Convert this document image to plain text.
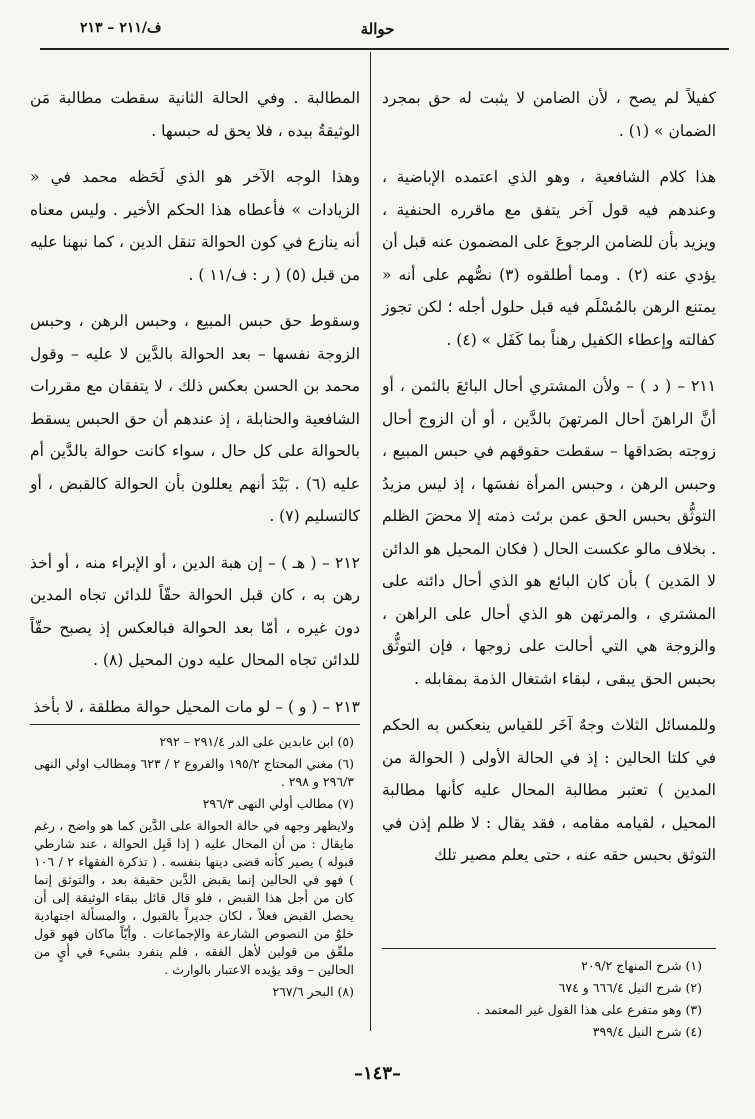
ف/٢١١ – ٢١٣	حوالة

كفيلاً لم يصح ، لأن الضامن لا يثبت له حق بمجرد الضمان » (١) .

هذا كلام الشافعية ، وهو الذي اعتمده الإباضية ، وعندهم فيه قول آخر يتفق مع ماقرره الحنفية ، ويزيد بأن للضامن الرجوعَ على المضمون عنه قبل أن يؤدي عنه (٢) . ومما أطلقوه (٣) نصُّهم على أنه « يمتنع الرهن بالمُسْلَم فيه قبل حلول أجله ؛ لكن تجوز كفالته وإعطاء الكفيل رهناً بما كَفَل » (٤) .

٢١١ – ( د ) – ولأن المشتري أحال البائعَ بالثمن ، أو أنَّ الراهنَ أحال المرتهنَ بالدَّين ، أو أن الزوج أحال زوجته بصَداقها – سقطت حقوقهم في حبس المبيع ، وحبس الرهن ، وحبس المرأة نفسَها ، إذ ليس مزيدُ التوثُّق بحبس الحق عمن برئت ذمته إلا محضَ الظلم . بخلاف مالو عكست الحال ( فكان المحيل هو الدائن لا المَدين ) بأن كان البائع هو الذي أحال دائنه على المشتري ، والمرتهن هو الذي أحال على الراهن ، والزوجة هي التي أحالت على زوجها ، فإن التوثُّق بحبس الحق يبقى ، لبقاء اشتغال الذمة بمقابله .

وللمسائل الثلاث وجهٌ آخَر للقياس ينعكس به الحكم في كلتا الحالين : إذ في الحالة الأولى ( الحوالة من المدين ) تعتبر مطالبة المحال عليه كأنها مطالبة المحيل ، لقيامه مقامه ، فقد يقال : لا ظلم إذن في التوثق بحبس حقه عنه ، حتى يعلم مصير تلك

المطالبة . وفي الحالة الثانية سقطت مطالبة مَن الوثيقةُ بيده ، فلا يحق له حبسها .

وهذا الوجه الآخر هو الذي لَحَظه محمد في « الزيادات » فأعطاه هذا الحكم الأخير . وليس معناه أنه ينازع في كون الحوالة تنقل الدين ، كما نبهنا عليه من قبل (٥) ( ر : ف/١١ ) .

وسقوط حق حبس المبيع ، وحبس الرهن ، وحبس الزوجة نفسها – بعد الحوالة بالدَّين لا عليه – وقول محمد بن الحسن بعكس ذلك ، لا يتفقان مع مقررات الشافعية والحنابلة ، إذ عندهم أن حق الحبس يسقط بالحوالة على كل حال ، سواء كانت حوالة بالدَّين أم عليه (٦) . بَيْدَ أنهم يعللون بأن الحوالة كالقبض ، أو كالتسليم (٧) .

٢١٢ – ( هـ ) – إن هبة الدين ، أو الإبراء منه ، أو أخذ رهن به ، كان قبل الحوالة حقّاً للدائن تجاه المدين دون غيره ، أمّا بعد الحوالة فبالعكس إذ يصبح حقّاً للدائن تجاه المحال عليه دون المحيل (٨) .

٢١٣ – ( و ) – لو مات المحيل حوالة مطلقة ، لا بأخذ

(١) شرح المنهاج ٢٠٩/٢
(٢) شرح النيل ٦٦٦/٤ و ٦٧٤
(٣) وهو متفرع على هذا القول غير المعتمد .
(٤) شرح النيل ٣٩٩/٤
(٥) ابن عابدين على الدر ٢٩١/٤ – ٢٩٢
(٦) مغني المحتاج ١٩٥/٢ والفروع ٢ / ٦٢٣ ومطالب اولي النهى ٢٩٦/٣ و ٢٩٨ .
(٧) مطالب أولي النهى ٢٩٦/٣
ولايظهر وجهه في حالة الحوالة على الدَّين كما هو واضح ، رغم مايقال : من أن المحال عليه ( إذا قَبِل الحوالة ، عند شارطي قبوله ) يصير كأنه قضى دينها بنفسه . ( تذكرة الفقهاء ٢ / ١٠٦ ) فهو في الحالين إنما يقبض الدَّين حقيقة بعد ، والتوثق إنما كان من أجل هذا القبض ، فلو قال قائل ببقاء الوثيقة إلى أن يحصل القبض فعلاً ، لكان جديراً بالقبول ، والمسألة اجتهادية خلوٌ من النصوص الشارعة والإجماعات . وأيّاً ماكان فهو قول ملفّق من قولين لأهل الفقه ، فلم ينفرد بشيء في أيٍ من الحالين – وقد يؤيده الاعتبار بالوارث .
(٨) البحر ٢٦٧/٦
–١٤٣–
